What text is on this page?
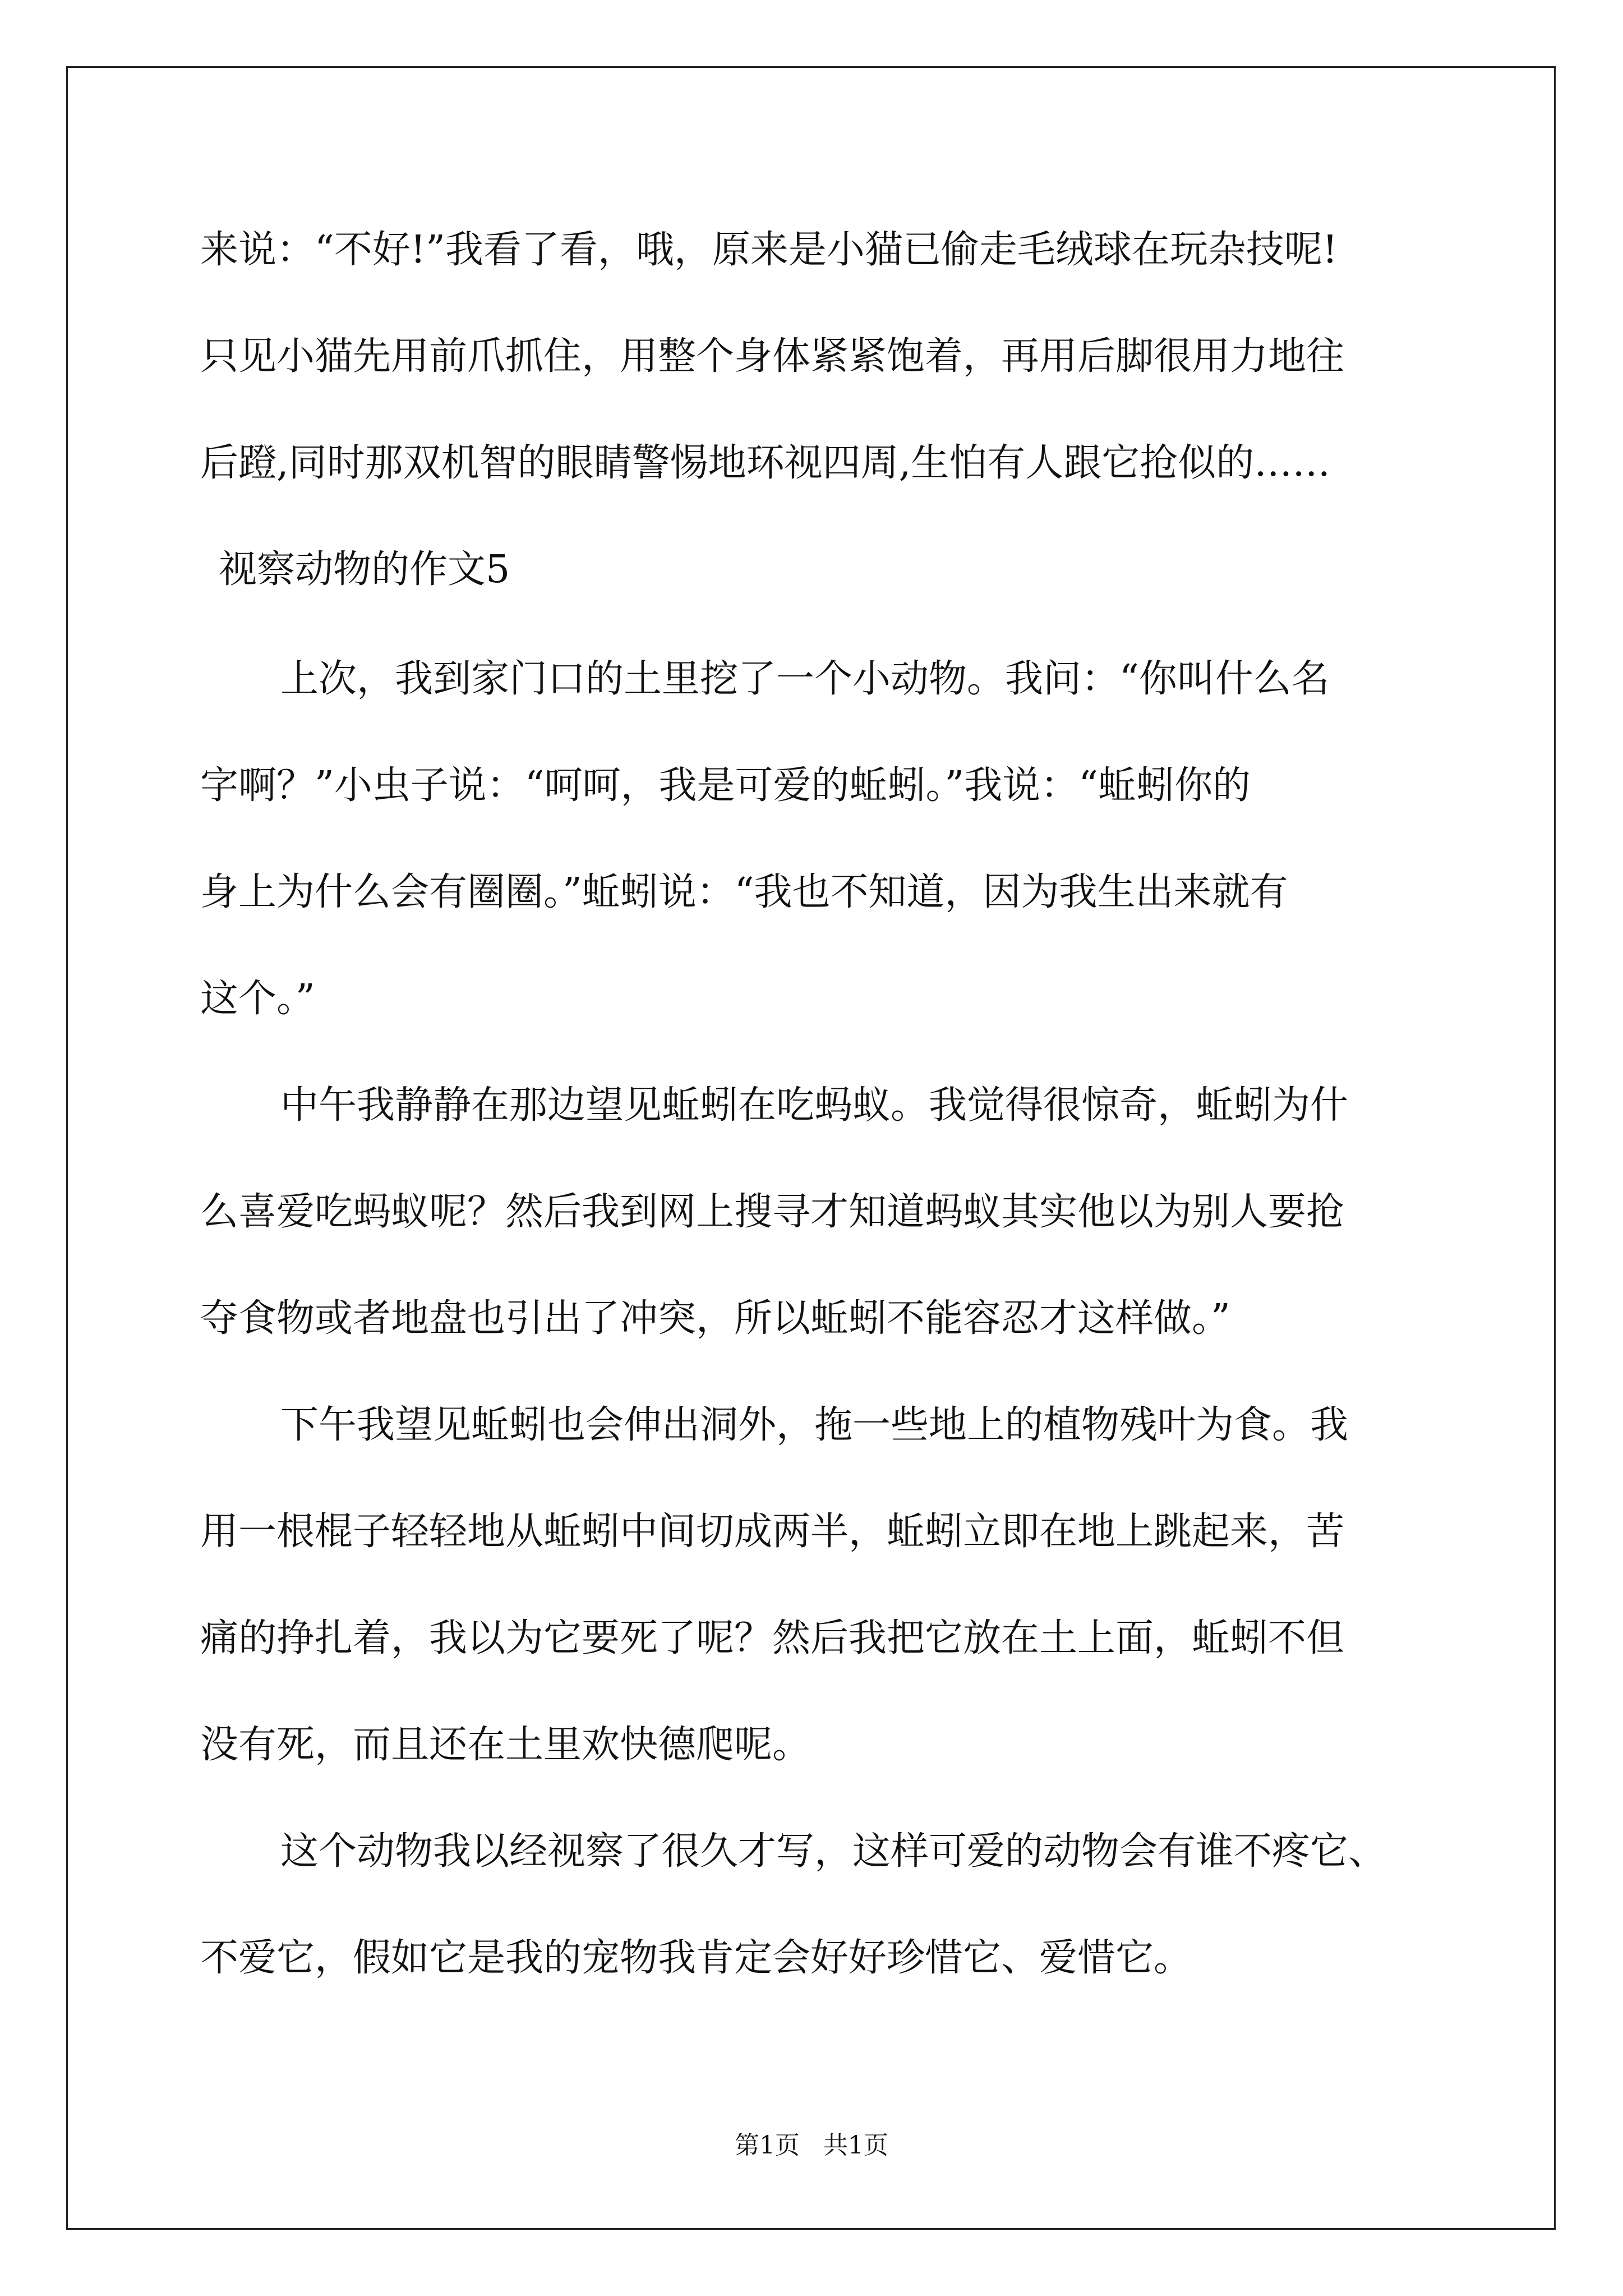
来说：“不好!”我看了看，哦，原来是小猫已偷走毛绒球在玩杂技呢!
只见小猫先用前爪抓住，用整个身体紧紧饱着，再用后脚很用力地往
后蹬,同时那双机智的眼睛警惕地环视四周,生怕有人跟它抢似的……
视察动物的作文5
上次，我到家门口的土里挖了一个小动物。我问：“你叫什么名
字啊？”小虫子说：“呵呵，我是可爱的蚯蚓。”我说：“蚯蚓你的
身上为什么会有圈圈。”蚯蚓说：“我也不知道，因为我生出来就有
这个。”
中午我静静在那边望见蚯蚓在吃蚂蚁。我觉得很惊奇，蚯蚓为什
么喜爱吃蚂蚁呢？然后我到网上搜寻才知道蚂蚁其实他以为别人要抢
夺食物或者地盘也引出了冲突，所以蚯蚓不能容忍才这样做。”
下午我望见蚯蚓也会伸出洞外，拖一些地上的植物残叶为食。我
用一根棍子轻轻地从蚯蚓中间切成两半，蚯蚓立即在地上跳起来，苦
痛的挣扎着，我以为它要死了呢？然后我把它放在土上面，蚯蚓不但
没有死，而且还在土里欢快德爬呢。
这个动物我以经视察了很久才写，这样可爱的动物会有谁不疼它、
不爱它，假如它是我的宠物我肯定会好好珍惜它、爱惜它。
第1页   共1页
